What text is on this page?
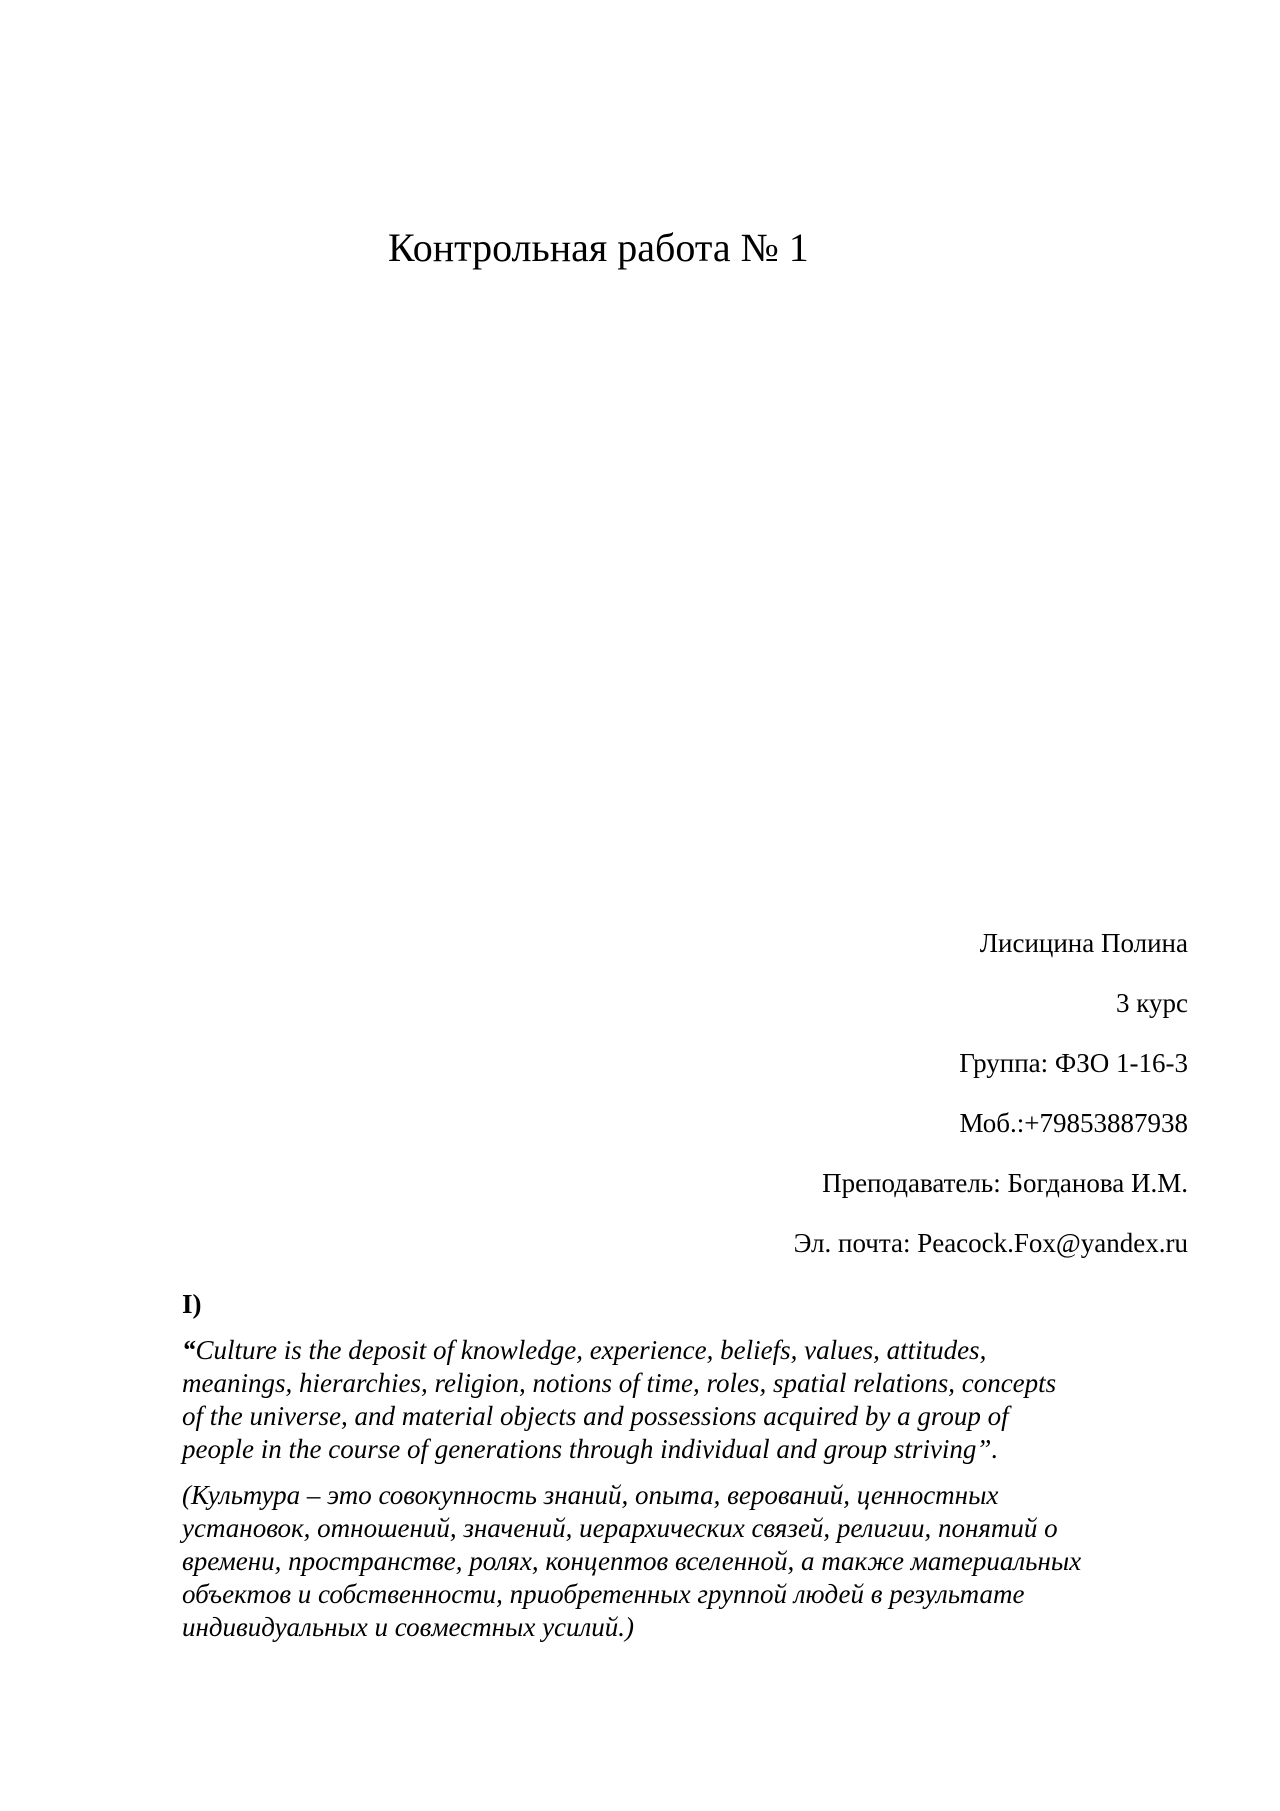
Контрольная работа № 1
Лисицина Полина
3 курс
Группа: ФЗО 1-16-3
Моб.:+79853887938
Преподаватель: Богданова И.М.
Эл. почта: Peacock.Fox@yandex.ru
I)
“Culture is the deposit of knowledge, experience, beliefs, values, attitudes,
meanings, hierarchies, religion, notions of time, roles, spatial relations, concepts
of the universe, and material objects and possessions acquired by a group of
people in the course of generations through individual and group striving”.
(Культура – это совокупность знаний, опыта, верований, ценностных
установок, отношений, значений, иерархических связей, религии, понятий о
времени, пространстве, ролях, концептов вселенной, а также материальных
объектов и собственности, приобретенных группой людей в результате
индивидуальных и совместных усилий.)
